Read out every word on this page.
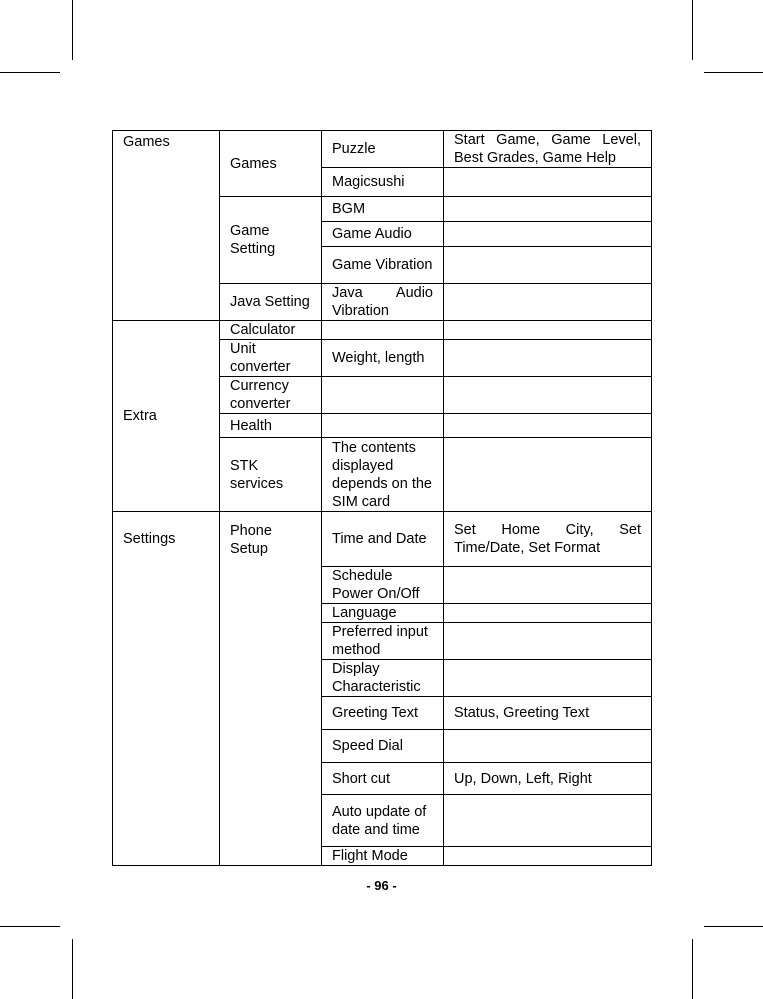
Games	Games	Puzzle	Start Game, Game Level, Best Grades, Game Help
		Magicsushi	
	Game Setting	BGM	
		Game Audio	
		Game Vibration	
	Java Setting	Java Audio Vibration	
Extra	Calculator		
	Unit converter	Weight, length	
	Currency converter		
	Health		
	STK services	The contents displayed depends on the SIM card	
Settings	Phone Setup	Time and Date	Set Home City, Set Time/Date, Set Format
		Schedule Power On/Off	
		Language	
		Preferred input method	
		Display Characteristic	
		Greeting Text	Status, Greeting Text
		Speed Dial	
		Short cut	Up, Down, Left, Right
		Auto update of date and time	
		Flight Mode	
- 96 -
